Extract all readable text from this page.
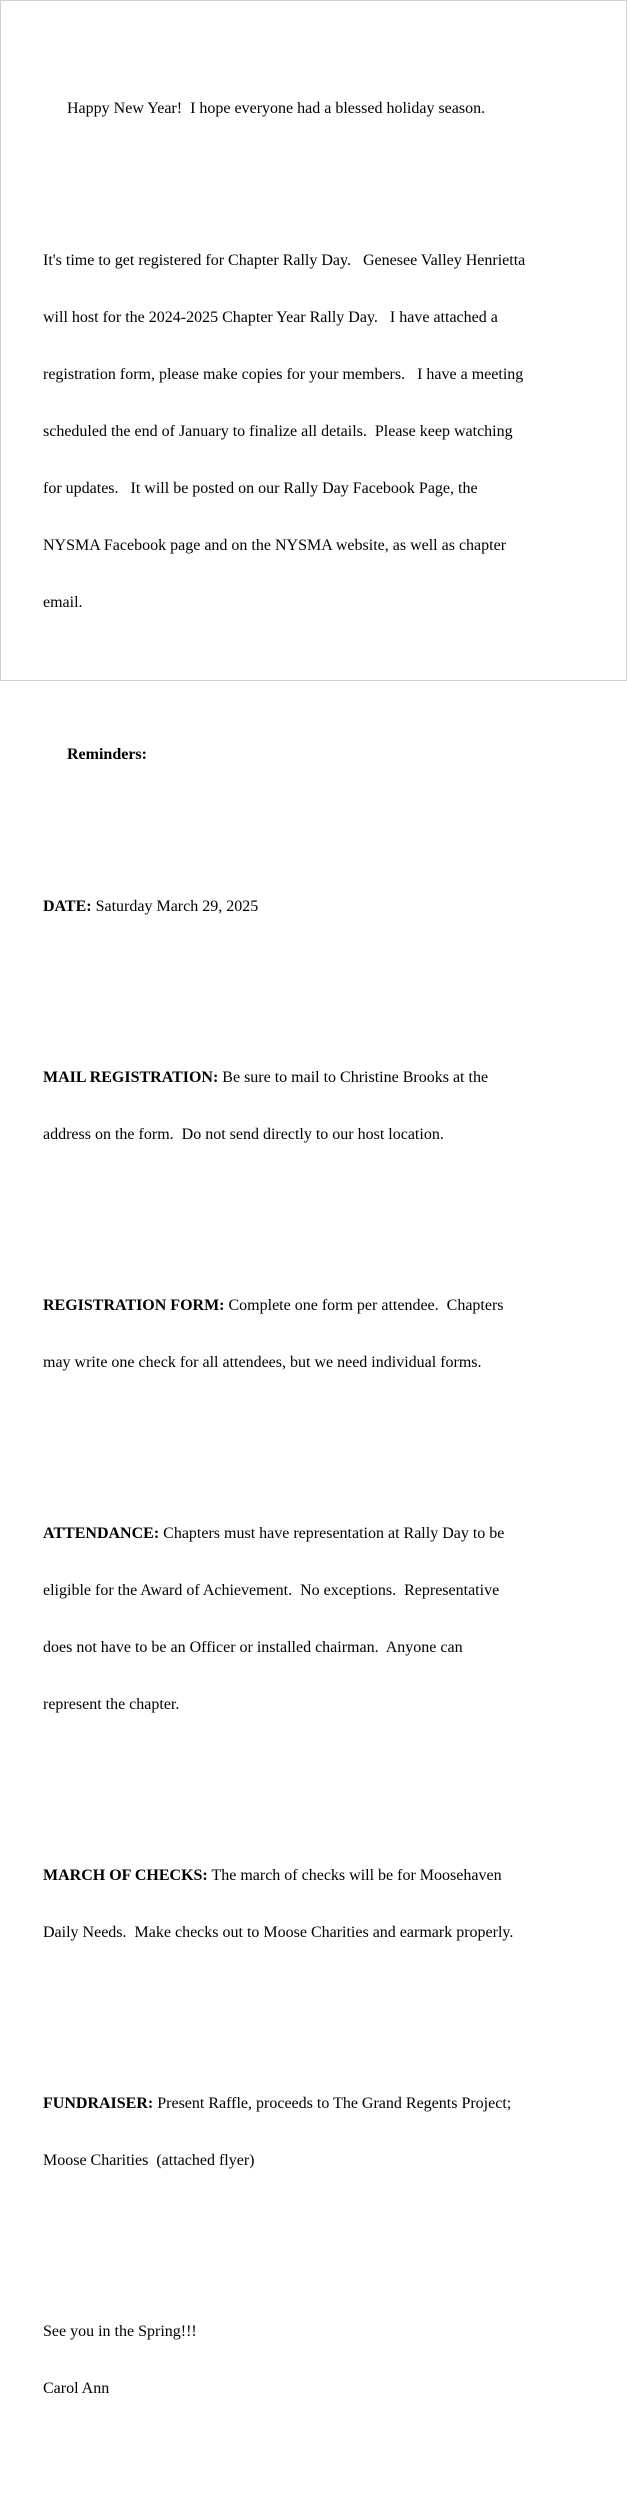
Happy New Year!  I hope everyone had a blessed holiday season.

It's time to get registered for Chapter Rally Day.   Genesee Valley Henrietta

will host for the 2024-2025 Chapter Year Rally Day.   I have attached a

registration form, please make copies for your members.   I have a meeting

scheduled the end of January to finalize all details.  Please keep watching

for updates.   It will be posted on our Rally Day Facebook Page, the

NYSMA Facebook page and on the NYSMA website, as well as chapter

email.

Reminders:

DATE: Saturday March 29, 2025

MAIL REGISTRATION: Be sure to mail to Christine Brooks at the

address on the form.  Do not send directly to our host location.

REGISTRATION FORM: Complete one form per attendee.  Chapters

may write one check for all attendees, but we need individual forms.

ATTENDANCE: Chapters must have representation at Rally Day to be

eligible for the Award of Achievement.  No exceptions.  Representative

does not have to be an Officer or installed chairman.  Anyone can

represent the chapter.

MARCH OF CHECKS: The march of checks will be for Moosehaven

Daily Needs.  Make checks out to Moose Charities and earmark properly.

FUNDRAISER: Present Raffle, proceeds to The Grand Regents Project;

Moose Charities  (attached flyer)

See you in the Spring!!!

Carol Ann
